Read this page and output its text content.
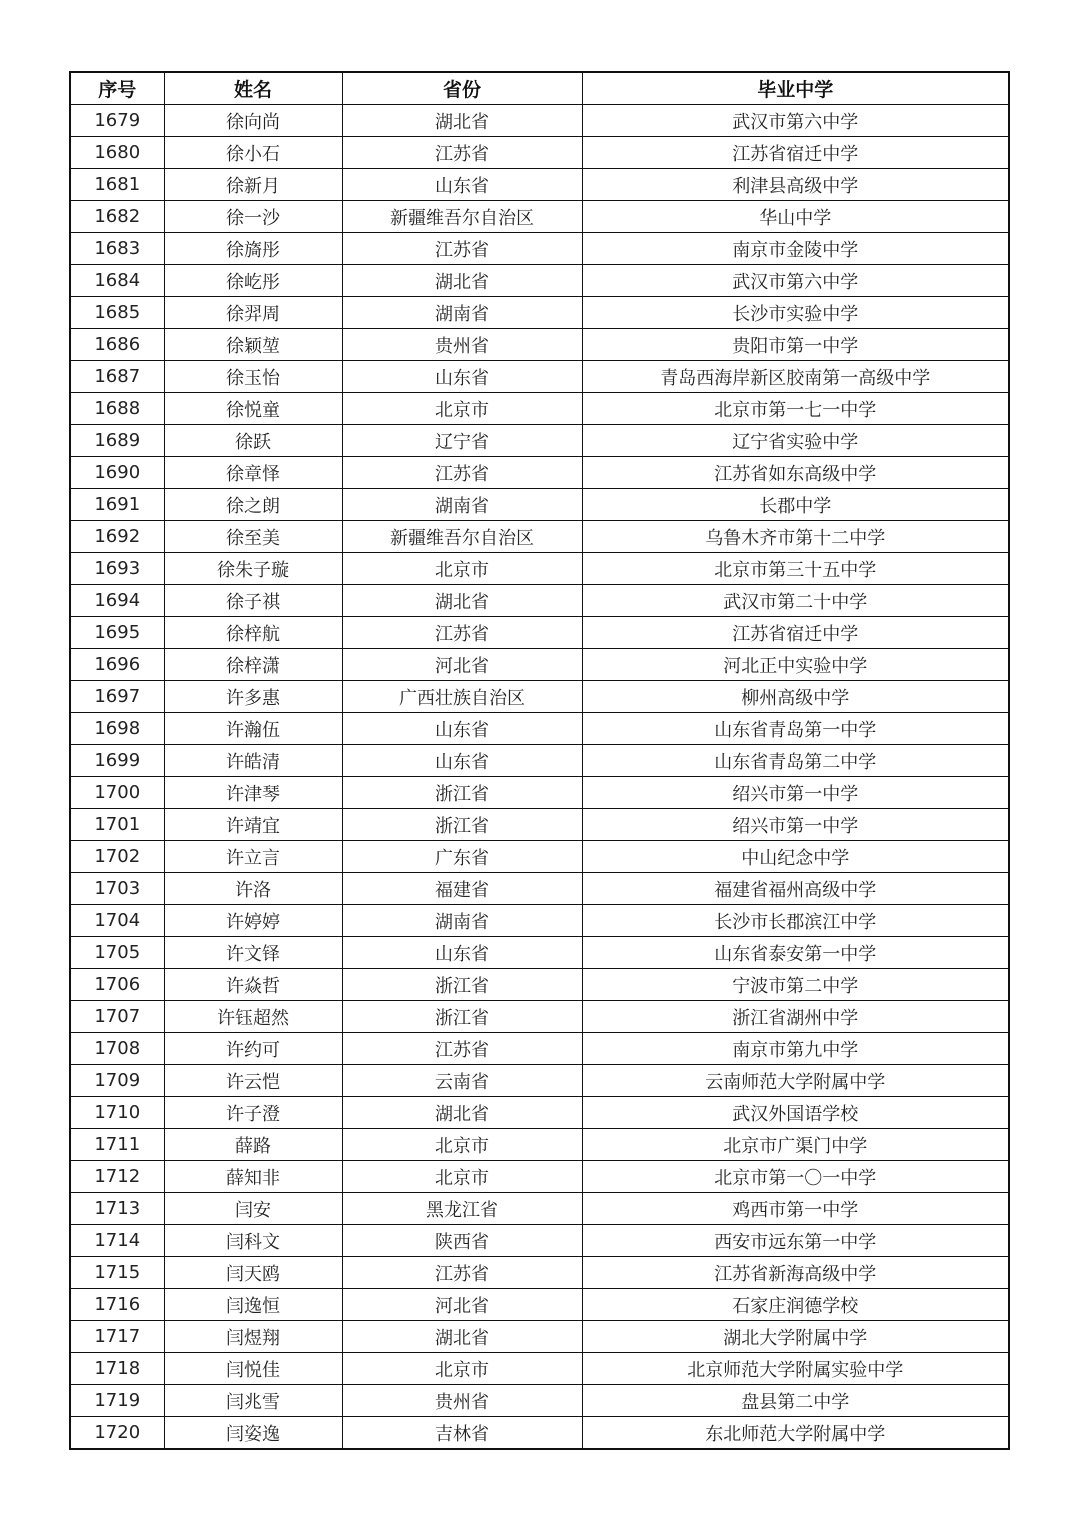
序号	姓名	省份	毕业中学
1679	徐向尚	湖北省	武汉市第六中学
1680	徐小石	江苏省	江苏省宿迁中学
1681	徐新月	山东省	利津县高级中学
1682	徐一沙	新疆维吾尔自治区	华山中学
1683	徐旖彤	江苏省	南京市金陵中学
1684	徐屹彤	湖北省	武汉市第六中学
1685	徐羿周	湖南省	长沙市实验中学
1686	徐颖堃	贵州省	贵阳市第一中学
1687	徐玉怡	山东省	青岛西海岸新区胶南第一高级中学
1688	徐悦童	北京市	北京市第一七一中学
1689	徐跃	辽宁省	辽宁省实验中学
1690	徐章怿	江苏省	江苏省如东高级中学
1691	徐之朗	湖南省	长郡中学
1692	徐至美	新疆维吾尔自治区	乌鲁木齐市第十二中学
1693	徐朱子璇	北京市	北京市第三十五中学
1694	徐子祺	湖北省	武汉市第二十中学
1695	徐梓航	江苏省	江苏省宿迁中学
1696	徐梓潇	河北省	河北正中实验中学
1697	许多惠	广西壮族自治区	柳州高级中学
1698	许瀚伍	山东省	山东省青岛第一中学
1699	许皓清	山东省	山东省青岛第二中学
1700	许津琴	浙江省	绍兴市第一中学
1701	许靖宜	浙江省	绍兴市第一中学
1702	许立言	广东省	中山纪念中学
1703	许洛	福建省	福建省福州高级中学
1704	许婷婷	湖南省	长沙市长郡滨江中学
1705	许文铎	山东省	山东省泰安第一中学
1706	许焱哲	浙江省	宁波市第二中学
1707	许钰超然	浙江省	浙江省湖州中学
1708	许约可	江苏省	南京市第九中学
1709	许云恺	云南省	云南师范大学附属中学
1710	许子澄	湖北省	武汉外国语学校
1711	薛路	北京市	北京市广渠门中学
1712	薛知非	北京市	北京市第一〇一中学
1713	闫安	黑龙江省	鸡西市第一中学
1714	闫科文	陕西省	西安市远东第一中学
1715	闫天鸥	江苏省	江苏省新海高级中学
1716	闫逸恒	河北省	石家庄润德学校
1717	闫煜翔	湖北省	湖北大学附属中学
1718	闫悦佳	北京市	北京师范大学附属实验中学
1719	闫兆雪	贵州省	盘县第二中学
1720	闫姿逸	吉林省	东北师范大学附属中学
